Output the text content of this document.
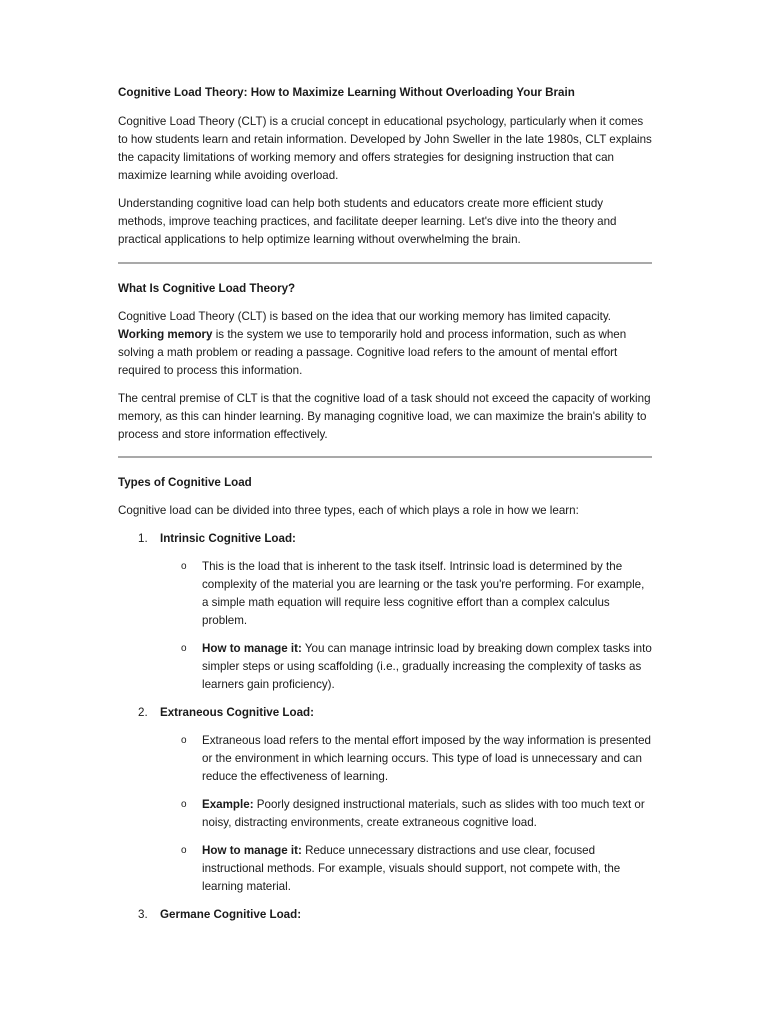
Cognitive Load Theory: How to Maximize Learning Without Overloading Your Brain

Cognitive Load Theory (CLT) is a crucial concept in educational psychology, particularly when it comes to how students learn and retain information. Developed by John Sweller in the late 1980s, CLT explains the capacity limitations of working memory and offers strategies for designing instruction that can maximize learning while avoiding overload.

Understanding cognitive load can help both students and educators create more efficient study methods, improve teaching practices, and facilitate deeper learning. Let's dive into the theory and practical applications to help optimize learning without overwhelming the brain.

What Is Cognitive Load Theory?

Cognitive Load Theory (CLT) is based on the idea that our working memory has limited capacity.
Working memory is the system we use to temporarily hold and process information, such as when solving a math problem or reading a passage. Cognitive load refers to the amount of mental effort required to process this information.

The central premise of CLT is that the cognitive load of a task should not exceed the capacity of working memory, as this can hinder learning. By managing cognitive load, we can maximize the brain's ability to process and store information effectively.

Types of Cognitive Load

Cognitive load can be divided into three types, each of which plays a role in how we learn:

1. Intrinsic Cognitive Load:
o This is the load that is inherent to the task itself. Intrinsic load is determined by the complexity of the material you are learning or the task you're performing. For example, a simple math equation will require less cognitive effort than a complex calculus problem.
o How to manage it: You can manage intrinsic load by breaking down complex tasks into simpler steps or using scaffolding (i.e., gradually increasing the complexity of tasks as learners gain proficiency).
2. Extraneous Cognitive Load:
o Extraneous load refers to the mental effort imposed by the way information is presented or the environment in which learning occurs. This type of load is unnecessary and can reduce the effectiveness of learning.
o Example: Poorly designed instructional materials, such as slides with too much text or noisy, distracting environments, create extraneous cognitive load.
o How to manage it: Reduce unnecessary distractions and use clear, focused instructional methods. For example, visuals should support, not compete with, the learning material.
3. Germane Cognitive Load:
